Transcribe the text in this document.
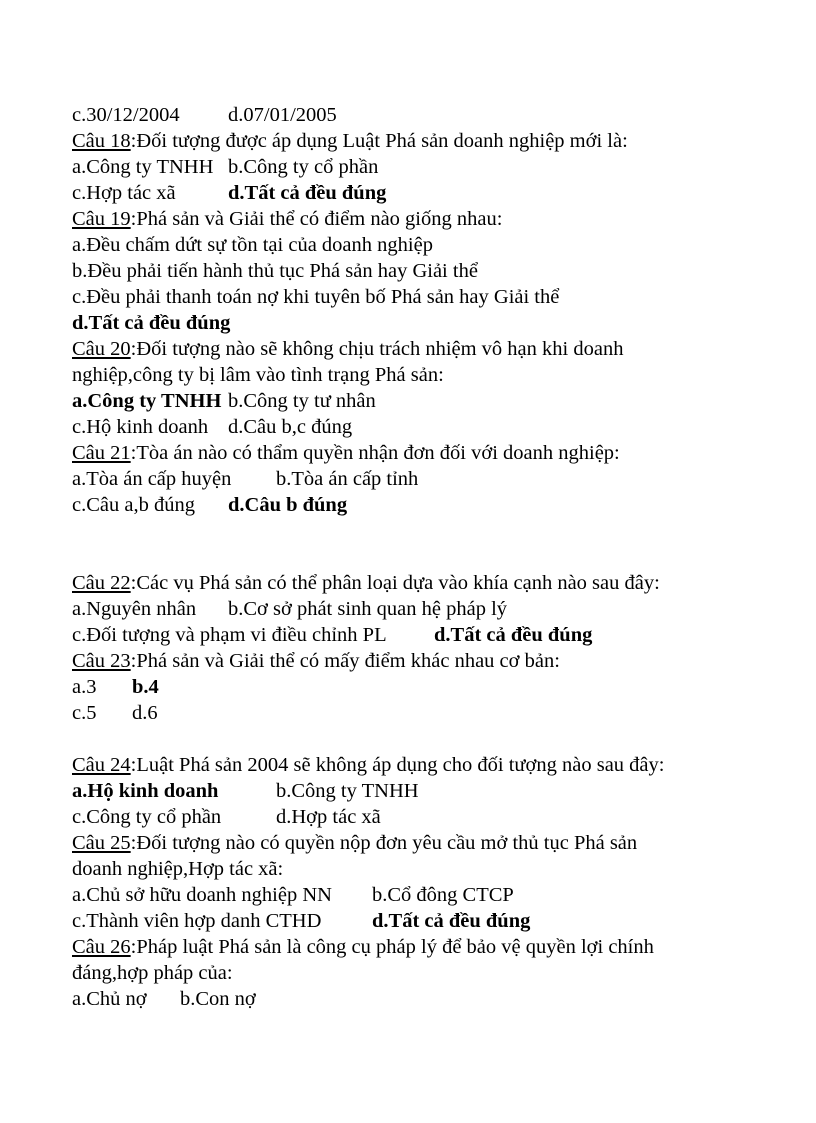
c.30/12/2004 d.07/01/2005
Câu 18:Đối tượng được áp dụng Luật Phá sản doanh nghiệp mới là:
a.Công ty TNHH b.Công ty cổ phần
c.Hợp tác xã	d.Tất cả đều đúng
Câu 19:Phá sản và Giải thể có điểm nào giống nhau:
a.Đều chấm dứt sự tồn tại của doanh nghiệp
b.Đều phải tiến hành thủ tục Phá sản hay Giải thể
c.Đều phải thanh toán nợ khi tuyên bố Phá sản hay Giải thể
d.Tất cả đều đúng
Câu 20:Đối tượng nào sẽ không chịu trách nhiệm vô hạn khi doanh
nghiệp,công ty bị lâm vào tình trạng Phá sản:
a.Công ty TNHH b.Công ty tư nhân
c.Hộ kinh doanh d.Câu b,c đúng
Câu 21:Tòa án nào có thẩm quyền nhận đơn đối với doanh nghiệp:
a.Tòa án cấp huyện b.Tòa án cấp tỉnh
c.Câu a,b đúng d.Câu b đúng
Câu 22:Các vụ Phá sản có thể phân loại dựa vào khía cạnh nào sau đây:
a.Nguyên nhân b.Cơ sở phát sinh quan hệ pháp lý
c.Đối tượng và phạm vi điều chỉnh PL d.Tất cả đều đúng
Câu 23:Phá sản và Giải thể có mấy điểm khác nhau cơ bản:
a.3 b.4
c.5 d.6
Câu 24:Luật Phá sản 2004 sẽ không áp dụng cho đối tượng nào sau đây:
a.Hộ kinh doanh	b.Công ty TNHH
c.Công ty cổ phần	d.Hợp tác xã
Câu 25:Đối tượng nào có quyền nộp đơn yêu cầu mở thủ tục Phá sản
doanh nghiệp,Hợp tác xã:
a.Chủ sở hữu doanh nghiệp NN b.Cổ đông CTCP
c.Thành viên hợp danh CTHD d.Tất cả đều đúng
Câu 26:Pháp luật Phá sản là công cụ pháp lý để bảo vệ quyền lợi chính
đáng,hợp pháp của:
a.Chủ nợ b.Con nợ
